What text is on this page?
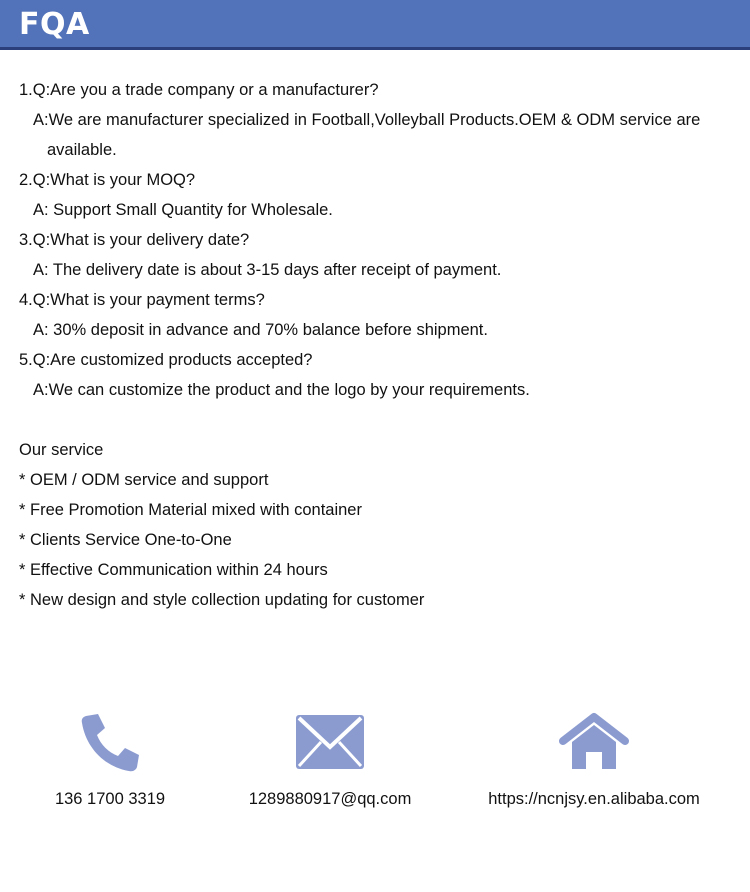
FQA
1.Q:Are you a trade company or a manufacturer?
A:We are manufacturer specialized in Football,Volleyball Products.OEM & ODM service are
available.
2.Q:What is your MOQ?
A: Support Small Quantity for Wholesale.
3.Q:What is your delivery date?
A: The delivery date is about 3-15 days after receipt of payment.
4.Q:What is your payment terms?
A: 30% deposit in advance and 70% balance before shipment.
5.Q:Are customized products accepted?
A:We can customize the product and the logo by your requirements.
Our service
* OEM / ODM service and support
* Free Promotion Material mixed with container
* Clients Service One-to-One
* Effective Communication within 24 hours
* New design and style collection updating for customer
136 1700 3319	1289880917@qq.com	https://ncnjsy.en.alibaba.com
